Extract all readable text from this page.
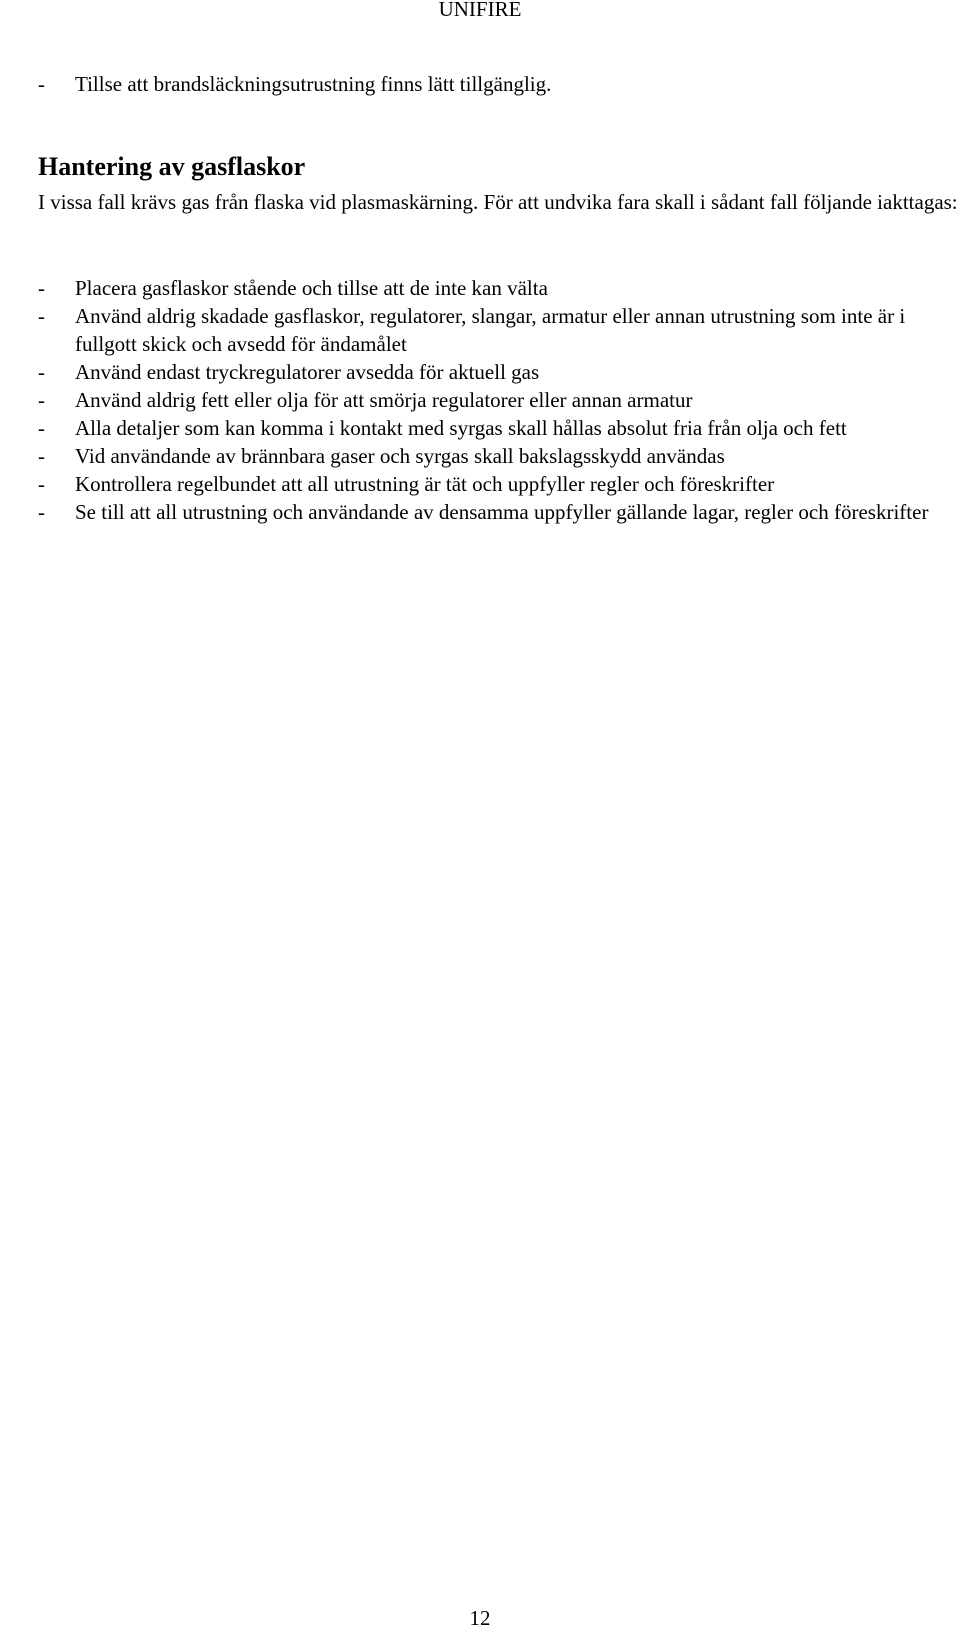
UNIFIRE
- Tillse att brandsläckningsutrustning finns lätt tillgänglig.
Hantering av gasflaskor

I vissa fall krävs gas från flaska vid plasmaskärning. För att undvika fara skall i sådant fall följande iakttagas:

- Placera gasflaskor stående och tillse att de inte kan välta
- Använd aldrig skadade gasflaskor, regulatorer, slangar, armatur eller annan utrustning som inte är i fullgott skick och avsedd för ändamålet
- Använd endast tryckregulatorer avsedda för aktuell gas
- Använd aldrig fett eller olja för att smörja regulatorer eller annan armatur
- Alla detaljer som kan komma i kontakt med syrgas skall hållas absolut fria från olja och fett
- Vid användande av brännbara gaser och syrgas skall bakslagsskydd användas
- Kontrollera regelbundet att all utrustning är tät och uppfyller regler och föreskrifter
- Se till att all utrustning och användande av densamma uppfyller gällande lagar, regler och föreskrifter
12
